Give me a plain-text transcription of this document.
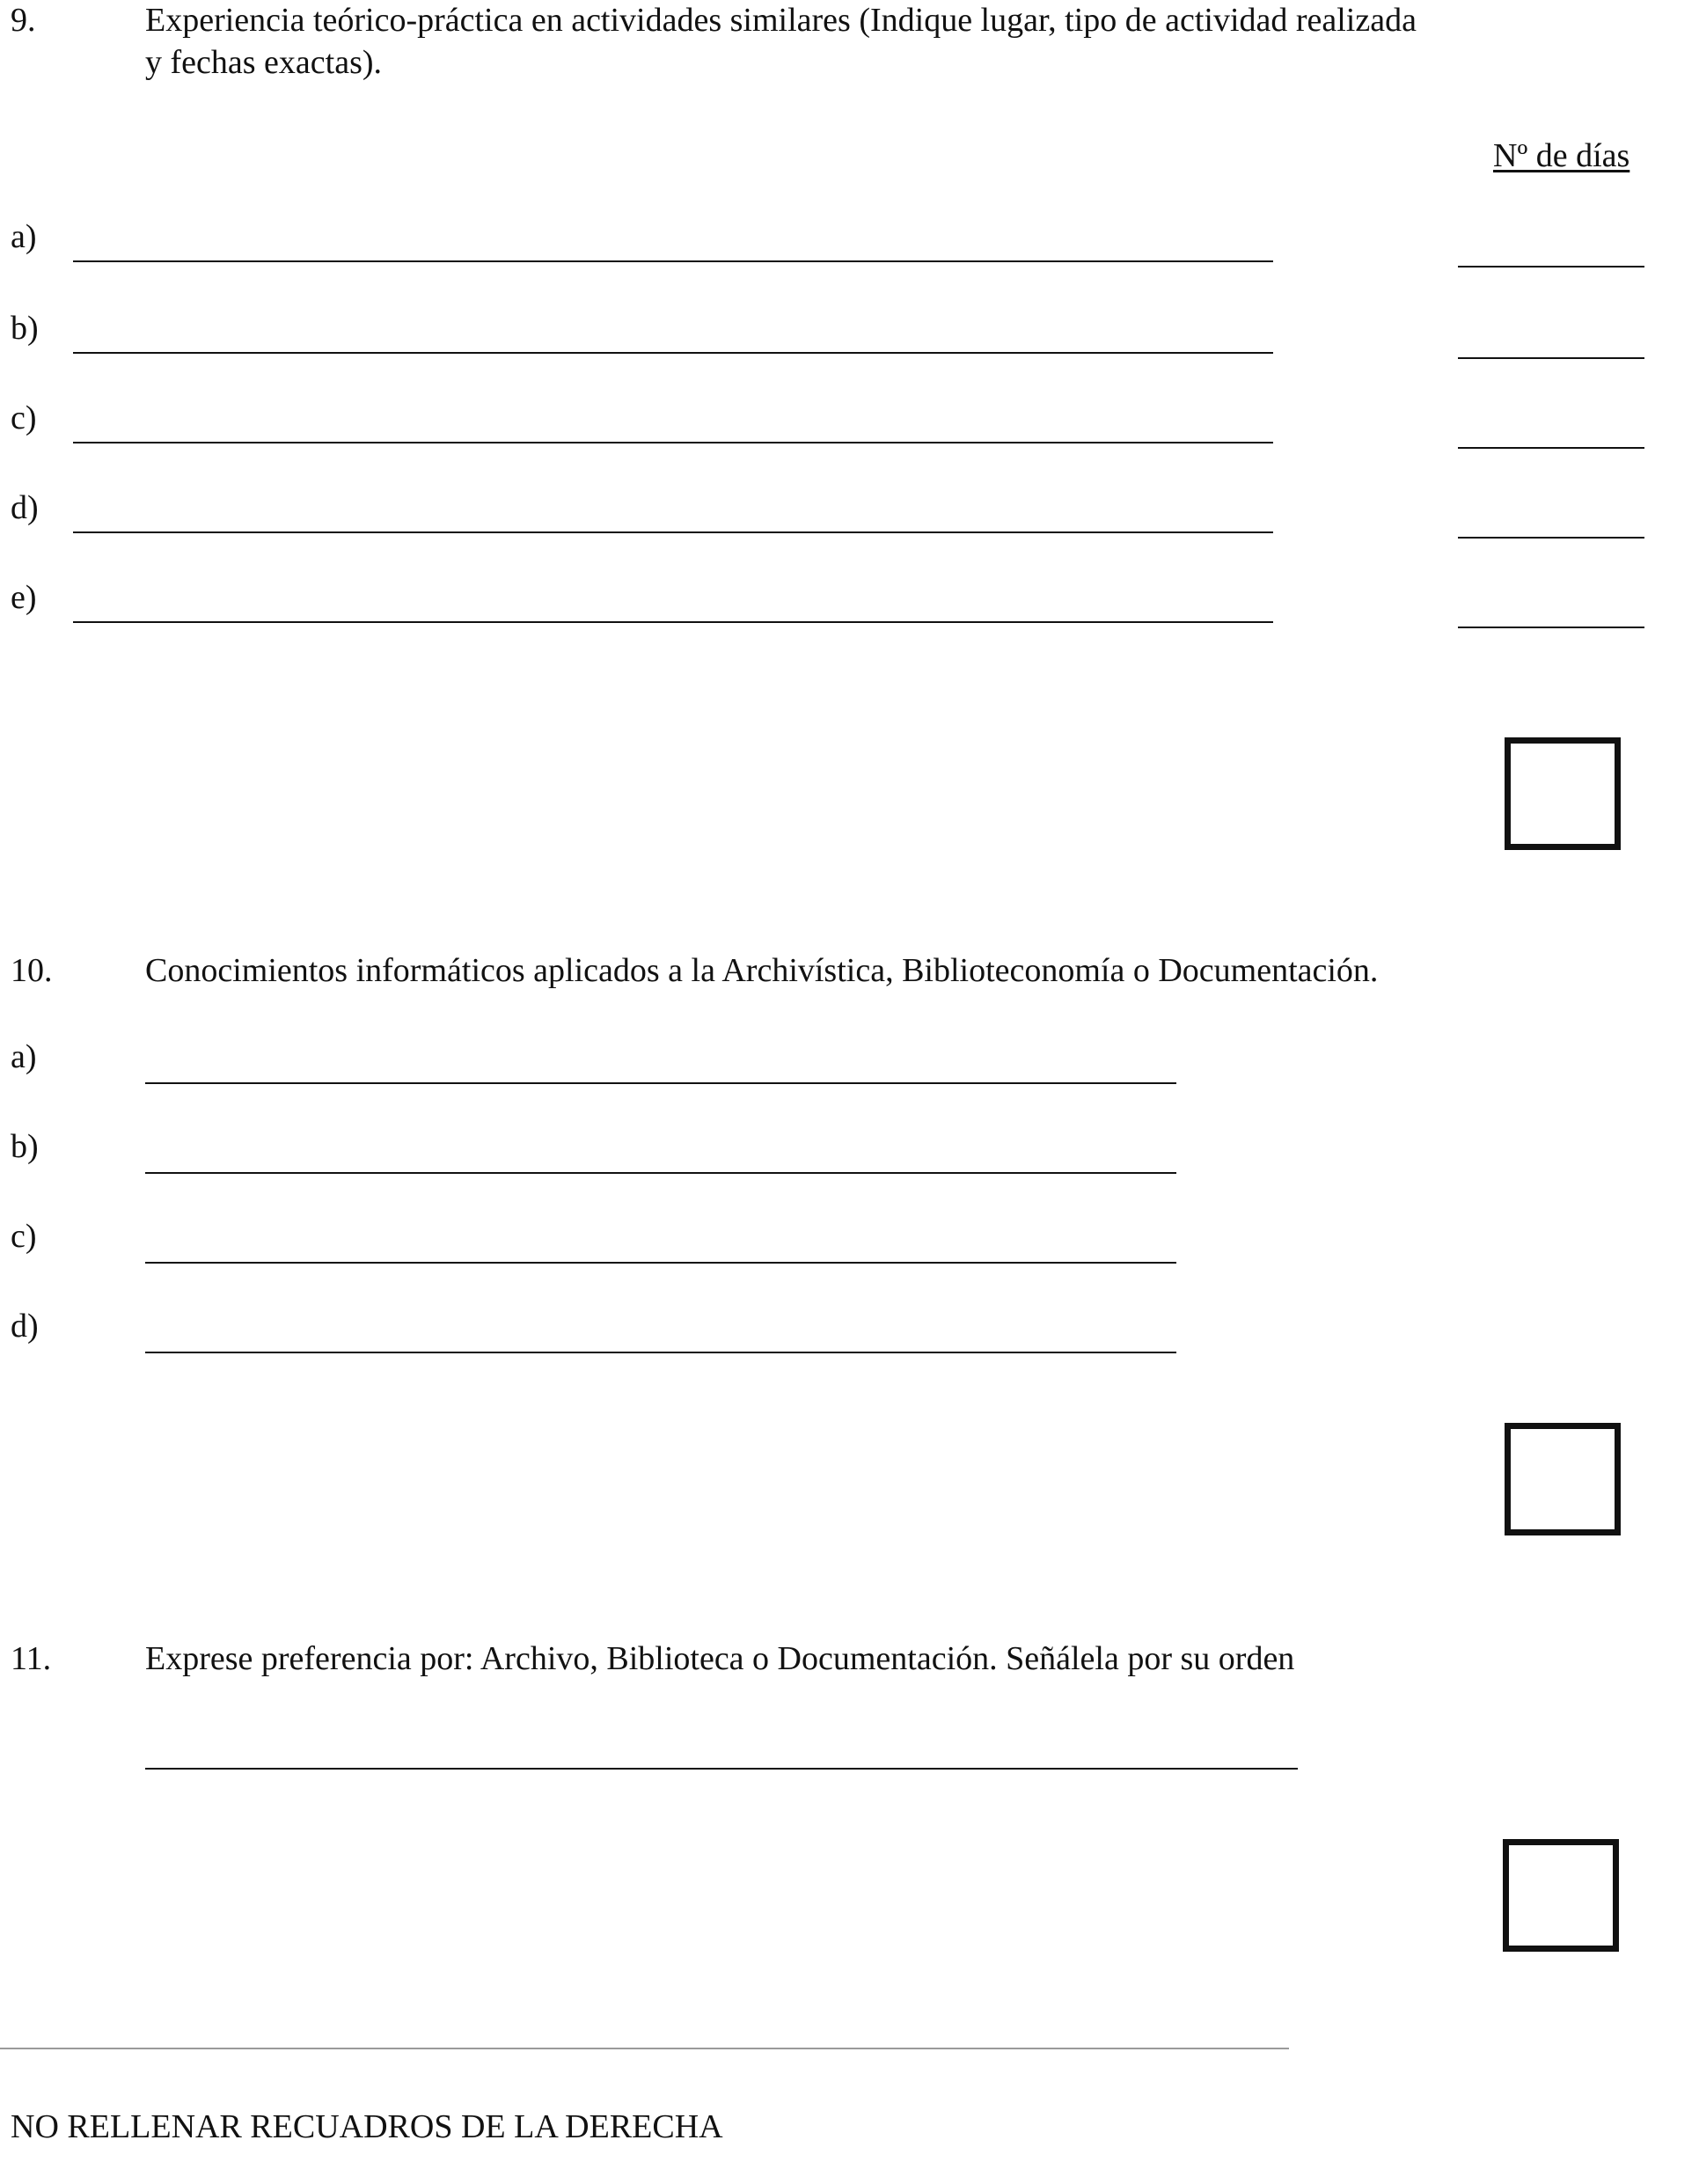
9.	Experiencia teórico-práctica en actividades similares (Indique lugar, tipo de actividad realizada
y fechas exactas).
Nº de días
a)
b)
c)
d)
e)
10.	Conocimientos informáticos aplicados a la Archivística, Biblioteconomía o Documentación.
a)
b)
c)
d)
11.	Exprese preferencia por: Archivo, Biblioteca o Documentación. Señálela por su orden
NO RELLENAR RECUADROS DE LA DERECHA
